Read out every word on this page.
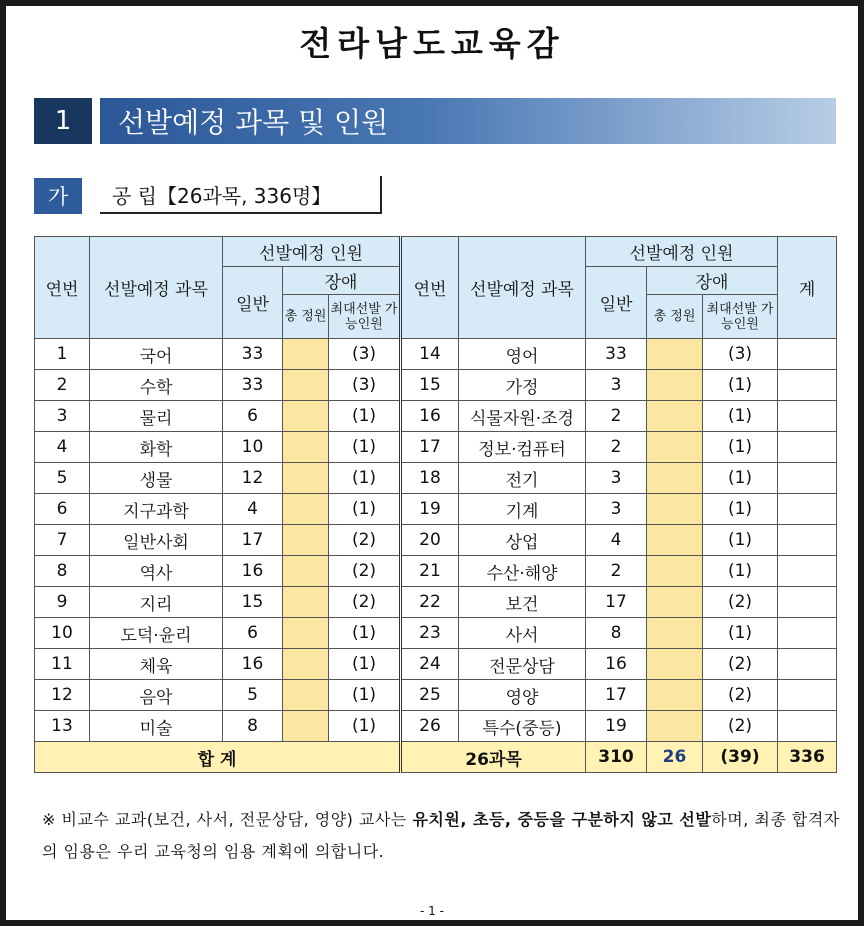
전라남도교육감
1	선발예정 과목 및 인원
가	공 립【26과목, 336명】
연번	선발예정 과목	선발예정 인원			연번	선발예정 과목	선발예정 인원			계
		일반	장애				일반	장애		
			총 정원	최대선발 가능인원				총 정원	최대선발 가능인원	
1	국어	33		(3)	14	영어	33		(3)	
2	수학	33		(3)	15	가정	3		(1)	
3	물리	6		(1)	16	식물자원·조경	2		(1)	
4	화학	10		(1)	17	정보·컴퓨터	2		(1)	
5	생물	12		(1)	18	전기	3		(1)	
6	지구과학	4		(1)	19	기계	3		(1)	
7	일반사회	17		(2)	20	상업	4		(1)	
8	역사	16		(2)	21	수산·해양	2		(1)	
9	지리	15		(2)	22	보건	17		(2)	
10	도덕·윤리	6		(1)	23	사서	8		(1)	
11	체육	16		(1)	24	전문상담	16		(2)	
12	음악	5		(1)	25	영양	17		(2)	
13	미술	8		(1)	26	특수(중등)	19		(2)	
합 계					26과목		310	26	(39)	336
※ 비교수 교과(보건, 사서, 전문상담, 영양) 교사는 유치원, 초등, 중등을 구분하지 않고 선발하며, 최종 합격자의 임용은 우리 교육청의 임용 계획에 의합니다.
- 1 -
